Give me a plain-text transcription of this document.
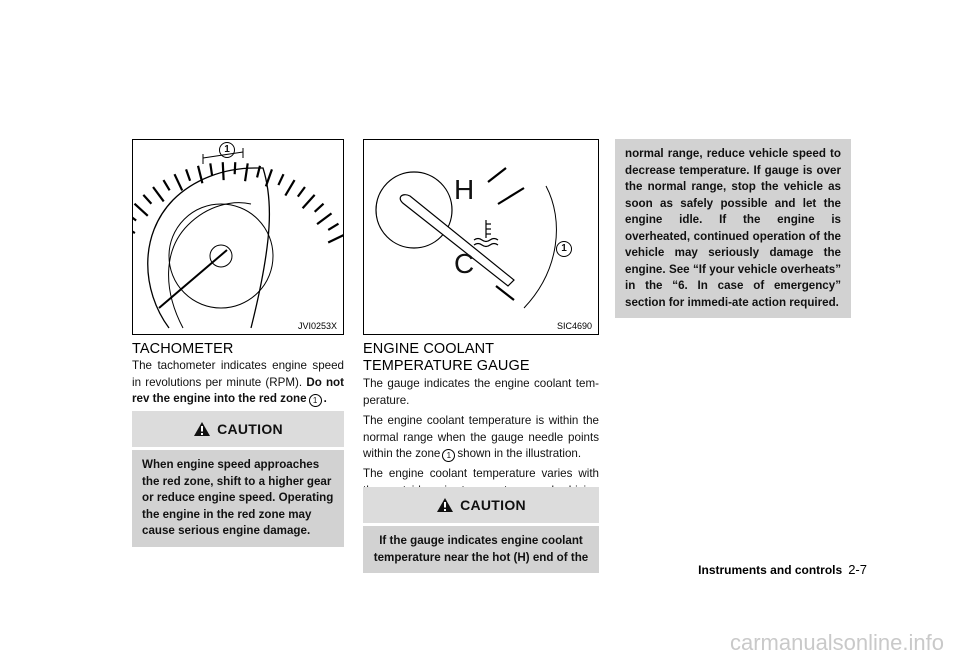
1
JVI0253X
TACHOMETER
The tachometer indicates engine speed in revolutions per minute (RPM). Do not rev the engine into the red zone 1 .
CAUTION
When engine speed approaches the red zone, shift to a higher gear or reduce engine speed. Operating the engine in the red zone may cause serious engine damage.
H
C	1
SIC4690
ENGINE COOLANT TEMPERATURE GAUGE
The gauge indicates the engine coolant tem-perature.
The engine coolant temperature is within the normal range when the gauge needle points within the zone 1 shown in the illustration.
The engine coolant temperature varies with
CAUTION
If the gauge indicates engine coolant temperature near the hot (H) end of the
normal range, reduce vehicle speed to decrease temperature. If gauge is over the normal range, stop the vehicle as soon as safely possible and let the engine idle. If the engine is overheated, continued operation of the vehicle may seriously damage the engine. See “If your vehicle overheats” in the “6. In case of emergency” section for immedi-ate action required.
Instruments and controls 2-7
carmanualsonline.info
